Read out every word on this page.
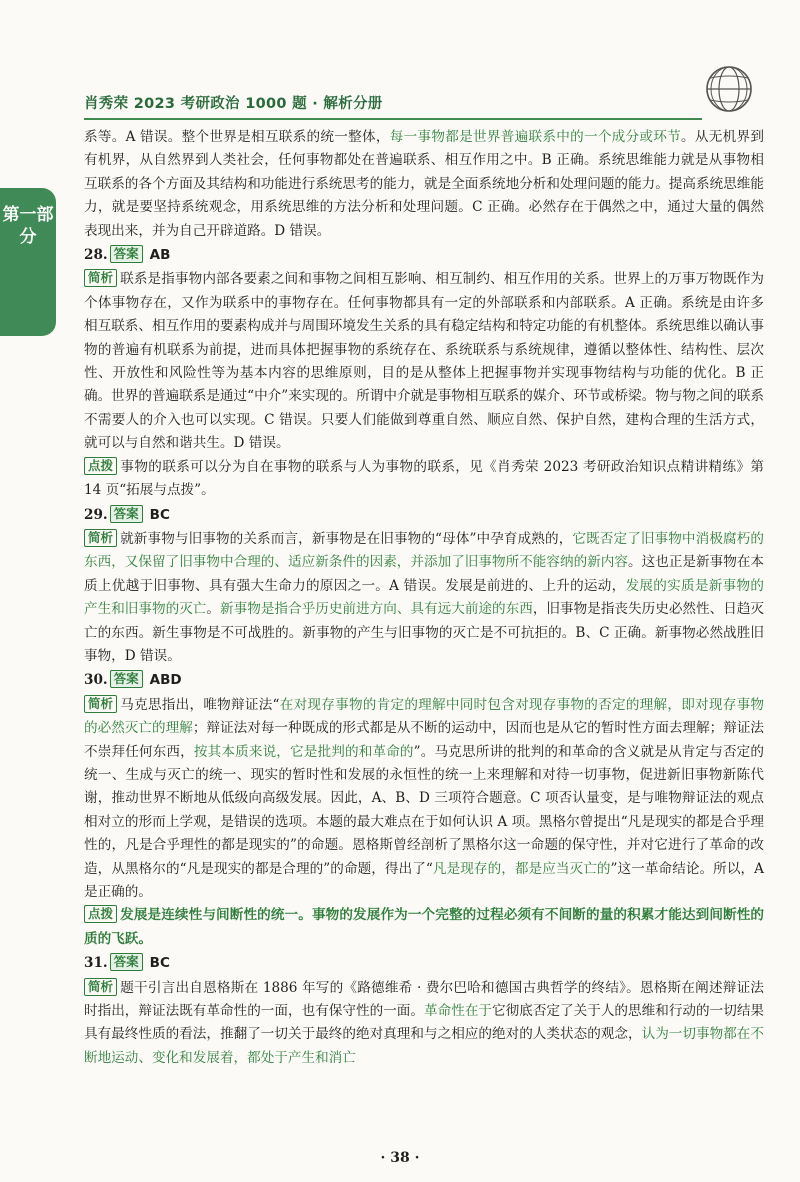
肖秀荣 2023 考研政治 1000 题 · 解析分册
第一部分

系等。A 错误。整个世界是相互联系的统一整体，每一事物都是世界普遍联系中的一个成分或环节。从无机界到有机界，从自然界到人类社会，任何事物都处在普遍联系、相互作用之中。B 正确。系统思维能力就是从事物相互联系的各个方面及其结构和功能进行系统思考的能力，就是全面系统地分析和处理问题的能力。提高系统思维能力，就是要坚持系统观念，用系统思维的方法分析和处理问题。C 正确。必然存在于偶然之中，通过大量的偶然表现出来，并为自己开辟道路。D 错误。

28. 答案 AB

简析 联系是指事物内部各要素之间和事物之间相互影响、相互制约、相互作用的关系。世界上的万事万物既作为个体事物存在，又作为联系中的事物存在。任何事物都具有一定的外部联系和内部联系。A 正确。系统是由许多相互联系、相互作用的要素构成并与周围环境发生关系的具有稳定结构和特定功能的有机整体。系统思维以确认事物的普遍有机联系为前提，进而具体把握事物的系统存在、系统联系与系统规律，遵循以整体性、结构性、层次性、开放性和风险性等为基本内容的思维原则，目的是从整体上把握事物并实现事物结构与功能的优化。B 正确。世界的普遍联系是通过“中介”来实现的。所谓中介就是事物相互联系的媒介、环节或桥梁。物与物之间的联系不需要人的介入也可以实现。C 错误。只要人们能做到尊重自然、顺应自然、保护自然，建构合理的生活方式，就可以与自然和谐共生。D 错误。

点拨 事物的联系可以分为自在事物的联系与人为事物的联系，见《肖秀荣 2023 考研政治知识点精讲精练》第 14 页“拓展与点拨”。

29. 答案 BC

简析 就新事物与旧事物的关系而言，新事物是在旧事物的“母体”中孕育成熟的，它既否定了旧事物中消极腐朽的东西，又保留了旧事物中合理的、适应新条件的因素，并添加了旧事物所不能容纳的新内容。这也正是新事物在本质上优越于旧事物、具有强大生命力的原因之一。A 错误。发展是前进的、上升的运动，发展的实质是新事物的产生和旧事物的灭亡。新事物是指合乎历史前进方向、具有远大前途的东西，旧事物是指丧失历史必然性、日趋灭亡的东西。新生事物是不可战胜的。新事物的产生与旧事物的灭亡是不可抗拒的。B、C 正确。新事物必然战胜旧事物，D 错误。

30. 答案 ABD

简析 马克思指出，唯物辩证法“在对现存事物的肯定的理解中同时包含对现存事物的否定的理解，即对现存事物的必然灭亡的理解；辩证法对每一种既成的形式都是从不断的运动中，因而也是从它的暂时性方面去理解；辩证法不崇拜任何东西，按其本质来说，它是批判的和革命的”。马克思所讲的批判的和革命的含义就是从肯定与否定的统一、生成与灭亡的统一、现实的暂时性和发展的永恒性的统一上来理解和对待一切事物，促进新旧事物新陈代谢，推动世界不断地从低级向高级发展。因此，A、B、D 三项符合题意。C 项否认量变，是与唯物辩证法的观点相对立的形而上学观，是错误的选项。本题的最大难点在于如何认识 A 项。黑格尔曾提出“凡是现实的都是合乎理性的，凡是合乎理性的都是现实的”的命题。恩格斯曾经剖析了黑格尔这一命题的保守性，并对它进行了革命的改造，从黑格尔的“凡是现实的都是合理的”的命题，得出了“凡是现存的，都是应当灭亡的”这一革命结论。所以，A 是正确的。

点拨 发展是连续性与间断性的统一。事物的发展作为一个完整的过程必须有不间断的量的积累才能达到间断性的质的飞跃。

31. 答案 BC

简析 题干引言出自恩格斯在 1886 年写的《路德维希 · 费尔巴哈和德国古典哲学的终结》。恩格斯在阐述辩证法时指出，辩证法既有革命性的一面，也有保守性的一面。革命性在于它彻底否定了关于人的思维和行动的一切结果具有最终性质的看法，推翻了一切关于最终的绝对真理和与之相应的绝对的人类状态的观念，认为一切事物都在不断地运动、变化和发展着，都处于产生和消亡

· 38 ·
